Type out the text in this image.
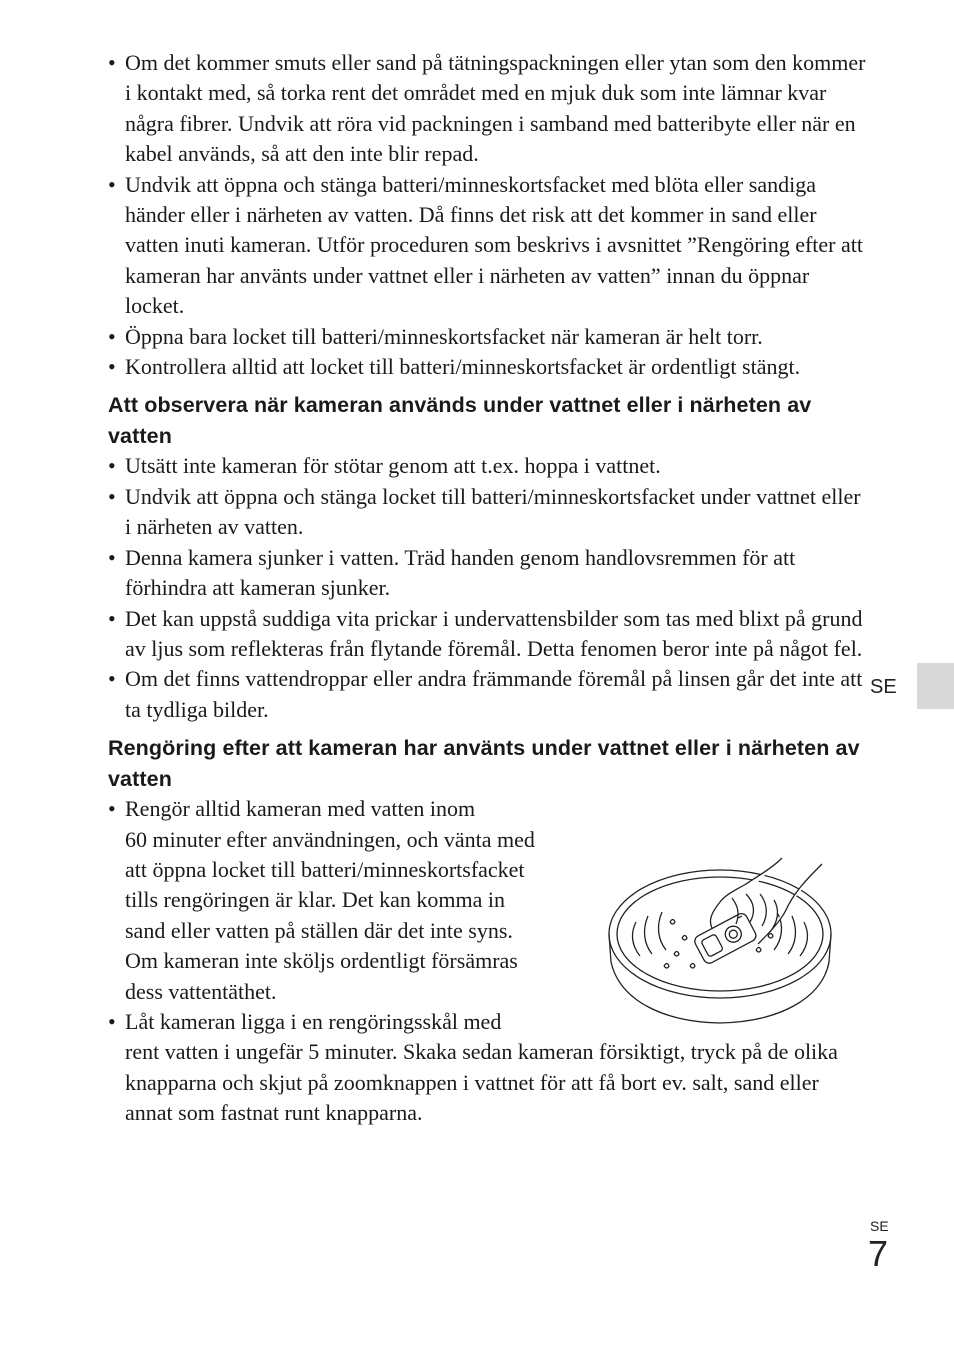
• Om det kommer smuts eller sand på tätningspackningen eller ytan som den kommer i kontakt med, så torka rent det området med en mjuk duk som inte lämnar kvar några fibrer. Undvik att röra vid packningen i samband med batteribyte eller när en kabel används, så att den inte blir repad.
• Undvik att öppna och stänga batteri/minneskortsfacket med blöta eller sandiga händer eller i närheten av vatten. Då finns det risk att det kommer in sand eller vatten inuti kameran. Utför proceduren som beskrivs i avsnittet ”Rengöring efter att kameran har använts under vattnet eller i närheten av vatten” innan du öppnar locket.
• Öppna bara locket till batteri/minneskortsfacket när kameran är helt torr.
• Kontrollera alltid att locket till batteri/minneskortsfacket är ordentligt stängt.
Att observera när kameran används under vattnet eller i närheten av vatten
• Utsätt inte kameran för stötar genom att t.ex. hoppa i vattnet.
• Undvik att öppna och stänga locket till batteri/minneskortsfacket under vattnet eller i närheten av vatten.
• Denna kamera sjunker i vatten. Träd handen genom handlovsremmen för att förhindra att kameran sjunker.
• Det kan uppstå suddiga vita prickar i undervattensbilder som tas med blixt på grund av ljus som reflekteras från flytande föremål. Detta fenomen beror inte på något fel.
• Om det finns vattendroppar eller andra främmande föremål på linsen går det inte att ta tydliga bilder.
Rengöring efter att kameran har använts under vattnet eller i närheten av vatten
• Rengör alltid kameran med vatten inom
60 minuter efter användningen, och vänta med
att öppna locket till batteri/minneskortsfacket
tills rengöringen är klar. Det kan komma in
sand eller vatten på ställen där det inte syns.
Om kameran inte sköljs ordentligt försämras
dess vattentäthet.
• Låt kameran ligga i en rengöringsskål med
rent vatten i ungefär 5 minuter. Skaka sedan kameran försiktigt, tryck på de olika knapparna och skjut på zoomknappen i vattnet för att få bort ev. salt, sand eller annat som fastnat runt knapparna.
SE
SE
7
